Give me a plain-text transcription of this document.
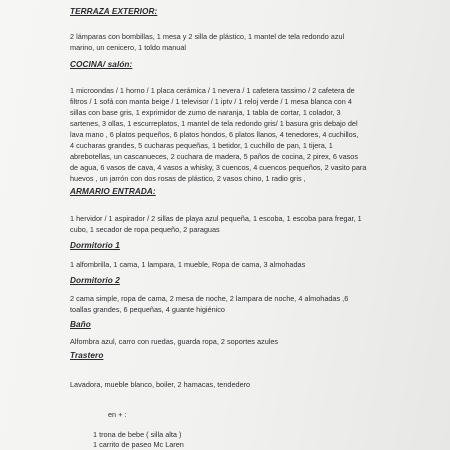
TERRAZA EXTERIOR:
2 lámparas con bombillas, 1 mesa y 2 silla de plástico, 1 mantel de tela redondo azul
marino, un cenicero, 1 toldo manual
COCINA/ salón:
1 microondas / 1 horno / 1 placa cerámica / 1 nevera / 1 cafetera tassimo / 2 cafetera de
filtros / 1 sofá con manta beige / 1 televisor / 1 iptv / 1 reloj verde / 1 mesa blanca con 4
sillas con base gris, 1 exprimidor de zumo de naranja, 1 tabla de cortar, 1 colador, 3
sartenes, 3 ollas, 1 escurreplatos, 1 mantel de tela redondo gris/ 1 basura gris debajo del
lava mano , 6 platos pequeños, 6 platos hondos, 6 platos llanos, 4 tenedores, 4 cuchillos,
4 cucharas grandes, 5 cucharas pequeñas, 1 betidor, 1 cuchillo de pan, 1 tijera, 1
abrebotellas, un cascanueces, 2 cuchara de madera, 5 paños de cocina, 2 pirex, 6 vasos
de agua, 6 vasos de cava, 4 vasos a whisky, 3 cuencos, 4 cuencos pequeños, 2 vasito para
huevos , un jarrón con dos rosas de plástico, 2 vasos chino, 1 radio gris ,
ARMARIO ENTRADA:
1 hervidor / 1 aspirador / 2 sillas de playa azul pequeña, 1 escoba, 1 escoba para fregar, 1
cubo, 1 secador de ropa pequeño, 2 paraguas
Dormitorio 1
1 alfombrilla, 1 cama, 1 lampara, 1 mueble, Ropa de cama, 3 almohadas
Dormitorio 2
2 cama simple, ropa de cama, 2 mesa de noche, 2 lampara de noche, 4 almohadas ,6
toallas grandes, 6 pequeñas, 4 guante higiénico
Baño
Alfombra azul, carro con ruedas, guarda ropa, 2 soportes azules
Trastero
Lavadora, mueble blanco, boiler, 2 hamacas, tendedero
en + :
1 trona de bebe ( silla alta )
1 carrito de paseo Mc Laren
